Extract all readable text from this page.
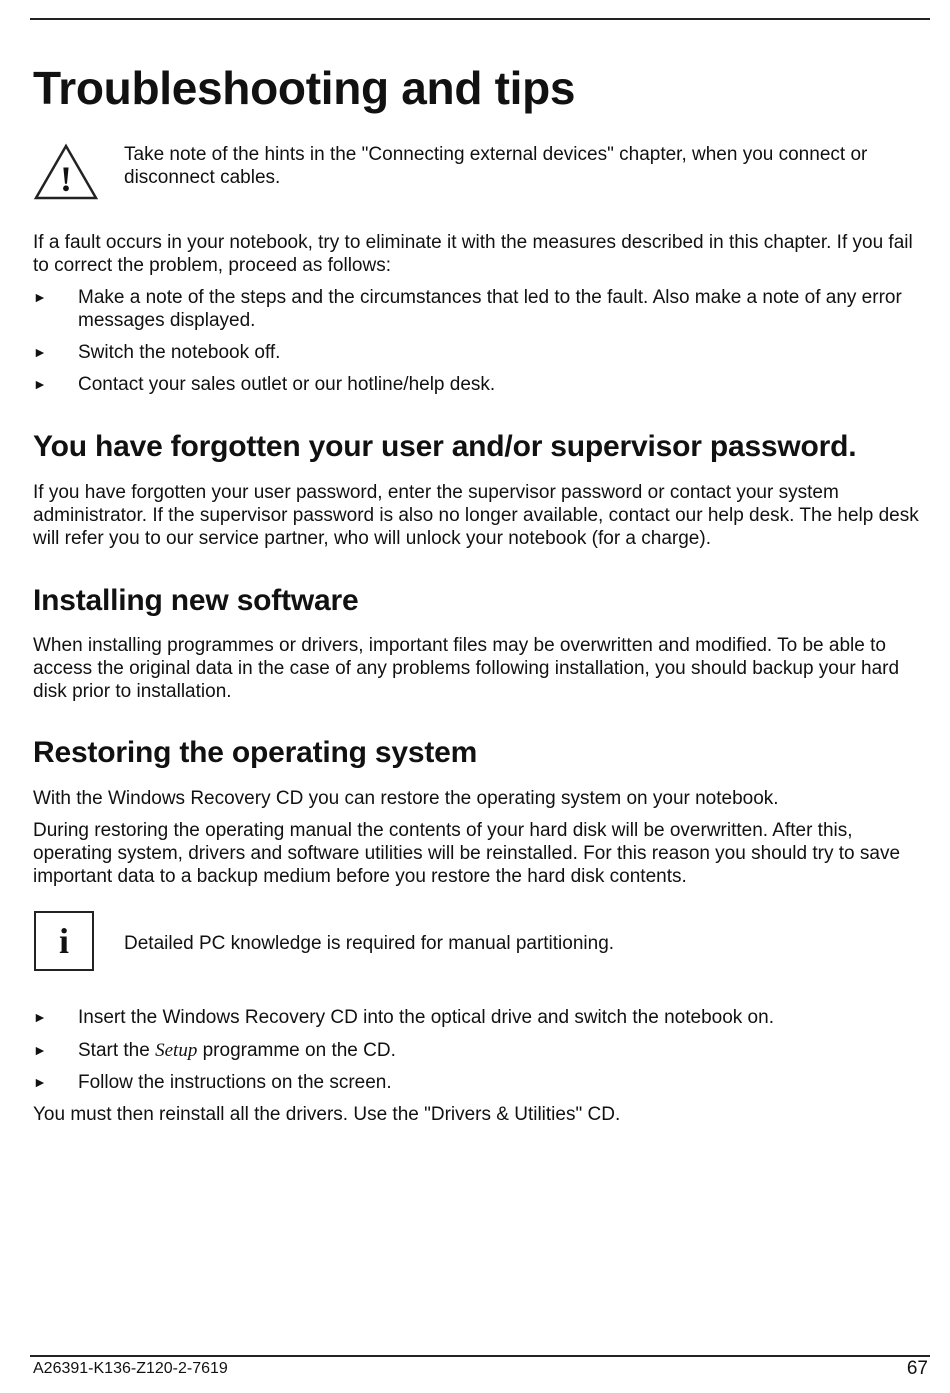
Troubleshooting and tips
!

Take note of the hints in the "Connecting external devices" chapter, when you connect or disconnect cables.

If a fault occurs in your notebook, try to eliminate it with the measures described in this chapter. If you fail to correct the problem, proceed as follows:

► Make a note of the steps and the circumstances that led to the fault. Also make a note of any error messages displayed.
► Switch the notebook off.
► Contact your sales outlet or our hotline/help desk.
You have forgotten your user and/or supervisor password.

If you have forgotten your user password, enter the supervisor password or contact your system administrator. If the supervisor password is also no longer available, contact our help desk. The help desk will refer you to our service partner, who will unlock your notebook (for a charge).

Installing new software

When installing programmes or drivers, important files may be overwritten and modified. To be able to access the original data in the case of any problems following installation, you should backup your hard disk prior to installation.

Restoring the operating system

With the Windows Recovery CD you can restore the operating system on your notebook.

During restoring the operating manual the contents of your hard disk will be overwritten. After this, operating system, drivers and software utilities will be reinstalled. For this reason you should try to save important data to a backup medium before you restore the hard disk contents.

i	Detailed PC knowledge is required for manual partitioning.

► Insert the Windows Recovery CD into the optical drive and switch the notebook on.
► Start the Setup programme on the CD.
► Follow the instructions on the screen.

You must then reinstall all the drivers. Use the "Drivers & Utilities" CD.

A26391-K136-Z120-2-7619	67
